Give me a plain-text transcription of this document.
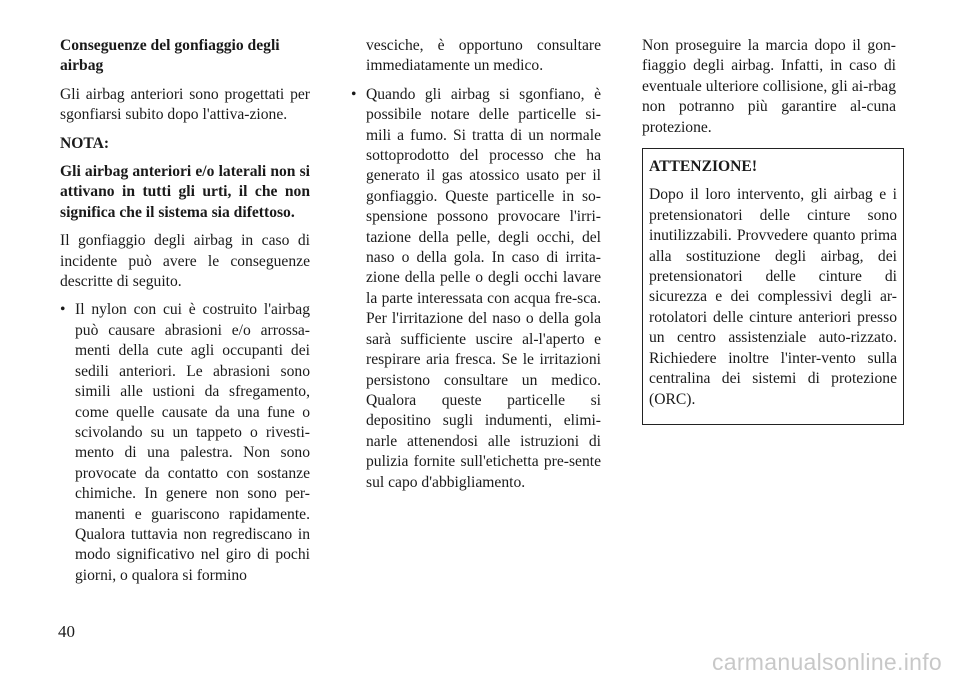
Conseguenze del gonfiaggio degli airbag

Gli airbag anteriori sono progettati per sgonfiarsi subito dopo l'attiva-zione.

NOTA:

Gli airbag anteriori e/o laterali non si attivano in tutti gli urti, il che non significa che il sistema sia difettoso.

Il gonfiaggio degli airbag in caso di incidente può avere le conseguenze descritte di seguito.

• Il nylon con cui è costruito l'airbag può causare abrasioni e/o arrossa-menti della cute agli occupanti dei sedili anteriori. Le abrasioni sono simili alle ustioni da sfregamento, come quelle causate da una fune o scivolando su un tappeto o rivesti-mento di una palestra. Non sono provocate da contatto con sostanze chimiche. In genere non sono per-manenti e guariscono rapidamente. Qualora tuttavia non regrediscano in modo significativo nel giro di pochi giorni, o qualora si formino

vesciche, è opportuno consultare immediatamente un medico.

• Quando gli airbag si sgonfiano, è possibile notare delle particelle si-mili a fumo. Si tratta di un normale sottoprodotto del processo che ha generato il gas atossico usato per il gonfiaggio. Queste particelle in so-spensione possono provocare l'irri-tazione della pelle, degli occhi, del naso o della gola. In caso di irrita-zione della pelle o degli occhi lavare la parte interessata con acqua fre-sca. Per l'irritazione del naso o della gola sarà sufficiente uscire al-l'aperto e respirare aria fresca. Se le irritazioni persistono consultare un medico. Qualora queste particelle si depositino sugli indumenti, elimi-narle attenendosi alle istruzioni di pulizia fornite sull'etichetta pre-sente sul capo d'abbigliamento.

Non proseguire la marcia dopo il gon-fiaggio degli airbag. Infatti, in caso di eventuale ulteriore collisione, gli ai-rbag non potranno più garantire al-cuna protezione.

ATTENZIONE!

Dopo il loro intervento, gli airbag e i pretensionatori delle cinture sono inutilizzabili. Provvedere quanto prima alla sostituzione degli airbag, dei pretensionatori delle cinture di sicurezza e dei complessivi degli ar-rotolatori delle cinture anteriori presso un centro assistenziale auto-rizzato. Richiedere inoltre l'inter-vento sulla centralina dei sistemi di protezione (ORC).

40
carmanualsonline.info
